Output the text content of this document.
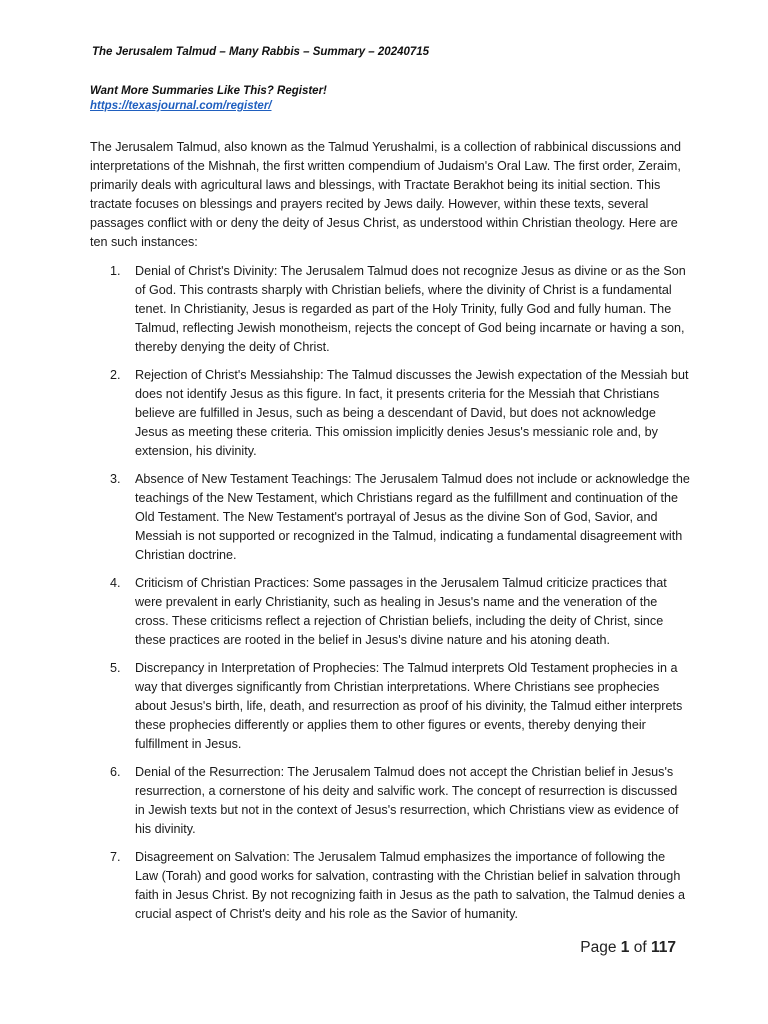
The Jerusalem Talmud – Many Rabbis – Summary – 20240715
Want More Summaries Like This? Register!
https://texasjournal.com/register/

The Jerusalem Talmud, also known as the Talmud Yerushalmi, is a collection of rabbinical discussions and interpretations of the Mishnah, the first written compendium of Judaism's Oral Law. The first order, Zeraim, primarily deals with agricultural laws and blessings, with Tractate Berakhot being its initial section. This tractate focuses on blessings and prayers recited by Jews daily. However, within these texts, several passages conflict with or deny the deity of Jesus Christ, as understood within Christian theology. Here are ten such instances:

1. Denial of Christ's Divinity: The Jerusalem Talmud does not recognize Jesus as divine or as the Son of God. This contrasts sharply with Christian beliefs, where the divinity of Christ is a fundamental tenet. In Christianity, Jesus is regarded as part of the Holy Trinity, fully God and fully human. The Talmud, reflecting Jewish monotheism, rejects the concept of God being incarnate or having a son, thereby denying the deity of Christ.
2. Rejection of Christ's Messiahship: The Talmud discusses the Jewish expectation of the Messiah but does not identify Jesus as this figure. In fact, it presents criteria for the Messiah that Christians believe are fulfilled in Jesus, such as being a descendant of David, but does not acknowledge Jesus as meeting these criteria. This omission implicitly denies Jesus's messianic role and, by extension, his divinity.
3. Absence of New Testament Teachings: The Jerusalem Talmud does not include or acknowledge the teachings of the New Testament, which Christians regard as the fulfillment and continuation of the Old Testament. The New Testament's portrayal of Jesus as the divine Son of God, Savior, and Messiah is not supported or recognized in the Talmud, indicating a fundamental disagreement with Christian doctrine.
4. Criticism of Christian Practices: Some passages in the Jerusalem Talmud criticize practices that were prevalent in early Christianity, such as healing in Jesus's name and the veneration of the cross. These criticisms reflect a rejection of Christian beliefs, including the deity of Christ, since these practices are rooted in the belief in Jesus's divine nature and his atoning death.
5. Discrepancy in Interpretation of Prophecies: The Talmud interprets Old Testament prophecies in a way that diverges significantly from Christian interpretations. Where Christians see prophecies about Jesus's birth, life, death, and resurrection as proof of his divinity, the Talmud either interprets these prophecies differently or applies them to other figures or events, thereby denying their fulfillment in Jesus.
6. Denial of the Resurrection: The Jerusalem Talmud does not accept the Christian belief in Jesus's resurrection, a cornerstone of his deity and salvific work. The concept of resurrection is discussed in Jewish texts but not in the context of Jesus's resurrection, which Christians view as evidence of his divinity.
7. Disagreement on Salvation: The Jerusalem Talmud emphasizes the importance of following the Law (Torah) and good works for salvation, contrasting with the Christian belief in salvation through faith in Jesus Christ. By not recognizing faith in Jesus as the path to salvation, the Talmud denies a crucial aspect of Christ's deity and his role as the Savior of humanity.
Page 1 of 117
